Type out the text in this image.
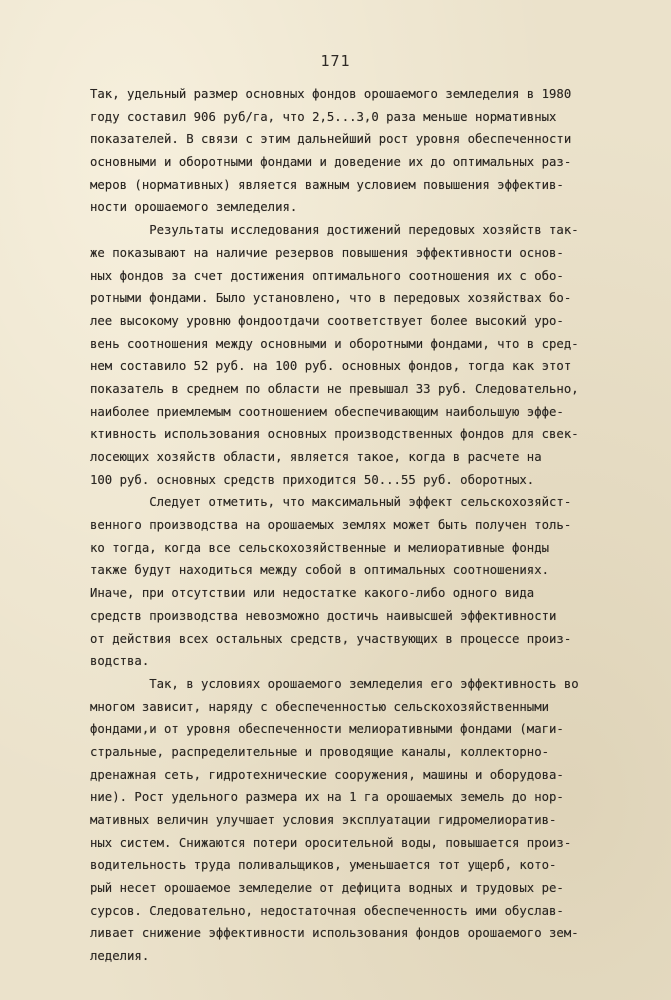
171
Так, удельный размер основных фондов орошаемого земледелия в 1980
году составил 906 руб/га, что 2,5...3,0 раза меньше нормативных
показателей. В связи с этим дальнейший рост уровня обеспеченности
основными и оборотными фондами и доведение их до оптимальных раз-
меров (нормативных) является важным условием повышения эффектив-
ности орошаемого земледелия.
Результаты исследования достижений передовых хозяйств так-
же показывают на наличие резервов повышения эффективности основ-
ных фондов за счет достижения оптимального соотношения их с обо-
ротными фондами. Было установлено, что в передовых хозяйствах бо-
лее высокому уровню фондоотдачи соответствует более высокий уро-
вень соотношения между основными и оборотными фондами, что в сред-
нем составило 52 руб. на 100 руб. основных фондов, тогда как этот
показатель в среднем по области не превышал 33 руб. Следовательно,
наиболее приемлемым соотношением обеспечивающим наибольшую эффе-
ктивность использования основных производственных фондов для свек-
лосеющих хозяйств области, является такое, когда в расчете на
100 руб. основных средств приходится 50...55 руб. оборотных.
Следует отметить, что максимальный эффект сельскохозяйст-
венного производства на орошаемых землях может быть получен толь-
ко тогда, когда все сельскохозяйственные и мелиоративные фонды
также будут находиться между собой в оптимальных соотношениях.
Иначе, при отсутствии или недостатке какого-либо одного вида
средств производства невозможно достичь наивысшей эффективности
от действия всех остальных средств, участвующих в процессе произ-
водства.
Так, в условиях орошаемого земледелия его эффективность во
многом зависит, наряду с обеспеченностью сельскохозяйственными
фондами,и от уровня обеспеченности мелиоративными фондами (маги-
стральные, распределительные и проводящие каналы, коллекторно-
дренажная сеть, гидротехнические сооружения, машины и оборудова-
ние). Рост удельного размера их на 1 га орошаемых земель до нор-
мативных величин улучшает условия эксплуатации гидромелиоратив-
ных систем. Снижаются потери оросительной воды, повышается произ-
водительность труда поливальщиков, уменьшается тот ущерб, кото-
рый несет орошаемое земледелие от дефицита водных и трудовых ре-
сурсов. Следовательно, недостаточная обеспеченность ими обуслав-
ливает снижение эффективности использования фондов орошаемого зем-
леделия.
